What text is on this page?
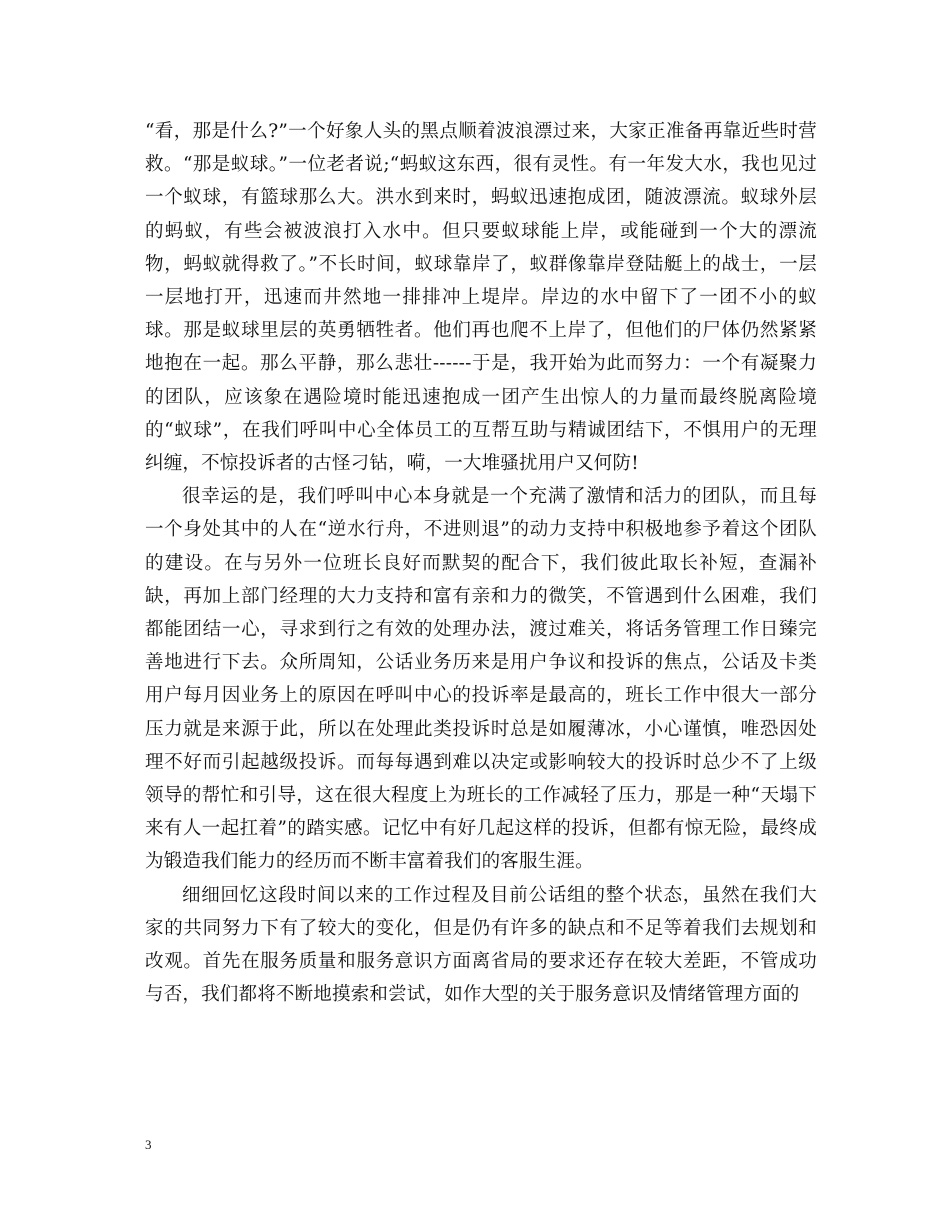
“看，那是什么?”一个好象人头的黑点顺着波浪漂过来，大家正准备再靠近些时营救。“那是蚁球。”一位老者说;“蚂蚁这东西，很有灵性。有一年发大水，我也见过一个蚁球，有篮球那么大。洪水到来时，蚂蚁迅速抱成团，随波漂流。蚁球外层的蚂蚁，有些会被波浪打入水中。但只要蚁球能上岸，或能碰到一个大的漂流物，蚂蚁就得救了。”不长时间，蚁球靠岸了，蚁群像靠岸登陆艇上的战士，一层一层地打开，迅速而井然地一排排冲上堤岸。岸边的水中留下了一团不小的蚁球。那是蚁球里层的英勇牺牲者。他们再也爬不上岸了，但他们的尸体仍然紧紧地抱在一起。那么平静，那么悲壮------于是，我开始为此而努力：一个有凝聚力的团队，应该象在遇险境时能迅速抱成一团产生出惊人的力量而最终脱离险境的“蚁球”，在我们呼叫中心全体员工的互帮互助与精诚团结下，不惧用户的无理纠缠，不惊投诉者的古怪刁钻，嗬，一大堆骚扰用户又何防!

很幸运的是，我们呼叫中心本身就是一个充满了激情和活力的团队，而且每一个身处其中的人在“逆水行舟，不进则退”的动力支持中积极地参予着这个团队的建设。在与另外一位班长良好而默契的配合下，我们彼此取长补短，查漏补缺，再加上部门经理的大力支持和富有亲和力的微笑，不管遇到什么困难，我们都能团结一心，寻求到行之有效的处理办法，渡过难关，将话务管理工作日臻完善地进行下去。众所周知，公话业务历来是用户争议和投诉的焦点，公话及卡类用户每月因业务上的原因在呼叫中心的投诉率是最高的，班长工作中很大一部分压力就是来源于此，所以在处理此类投诉时总是如履薄冰，小心谨慎，唯恐因处理不好而引起越级投诉。而每每遇到难以决定或影响较大的投诉时总少不了上级领导的帮忙和引导，这在很大程度上为班长的工作减轻了压力，那是一种“天塌下来有人一起扛着”的踏实感。记忆中有好几起这样的投诉，但都有惊无险，最终成为锻造我们能力的经历而不断丰富着我们的客服生涯。

细细回忆这段时间以来的工作过程及目前公话组的整个状态，虽然在我们大家的共同努力下有了较大的变化，但是仍有许多的缺点和不足等着我们去规划和改观。首先在服务质量和服务意识方面离省局的要求还存在较大差距，不管成功与否，我们都将不断地摸索和尝试，如作大型的关于服务意识及情绪管理方面的

3
